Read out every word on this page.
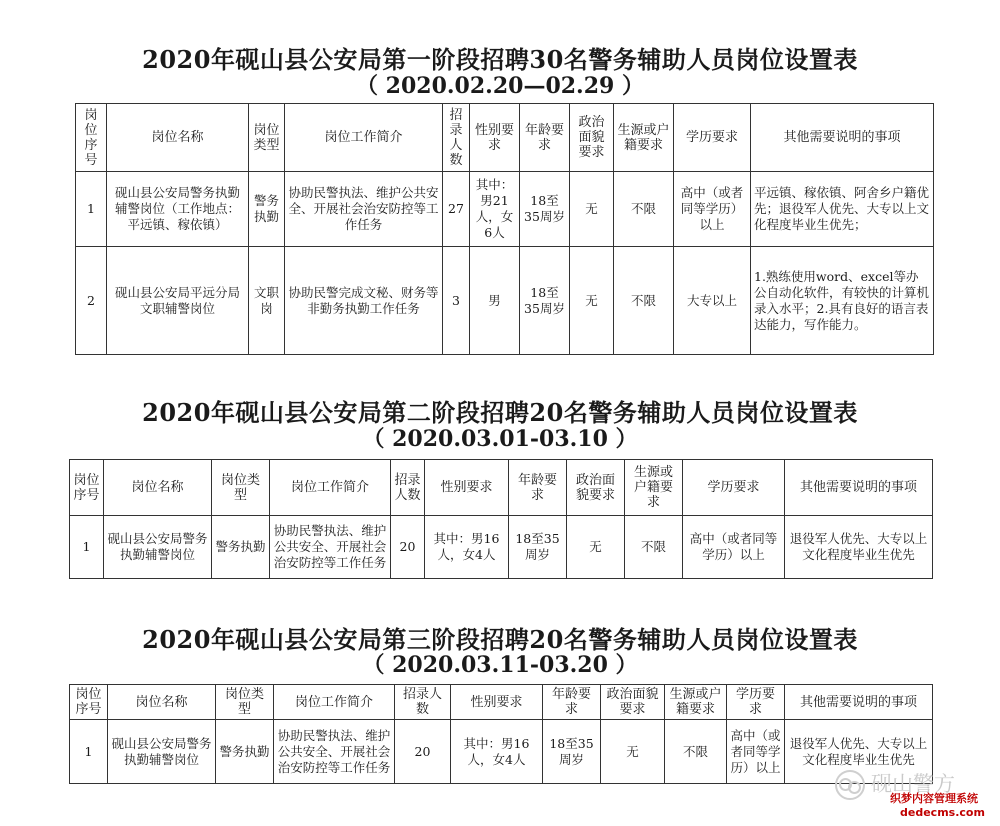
2020年砚山县公安局第一阶段招聘30名警务辅助人员岗位设置表
（ 2020.02.20—02.29 ）
岗位序号	岗位名称	岗位类型	岗位工作简介	招录人数	性别要求	年龄要求	政治面貌要求	生源或户籍要求	学历要求	其他需要说明的事项
1	砚山县公安局警务执勤辅警岗位（工作地点：平远镇、稼依镇）	警务执勤	协助民警执法、维护公共安全、开展社会治安防控等工作任务	27	其中：男21人，女6人	18至35周岁	无	不限	高中（或者同等学历）以上	平远镇、稼依镇、阿舍乡户籍优先；退役军人优先、大专以上文化程度毕业生优先；
2	砚山县公安局平远分局文职辅警岗位	文职岗	协助民警完成文秘、财务等非勤务执勤工作任务	3	男	18至35周岁	无	不限	大专以上	1.熟练使用word、excel等办公自动化软件，有较快的计算机录入水平；2.具有良好的语言表达能力，写作能力。
2020年砚山县公安局第二阶段招聘20名警务辅助人员岗位设置表
（ 2020.03.01-03.10 ）
岗位序号	岗位名称	岗位类型	岗位工作简介	招录人数	性别要求	年龄要求	政治面貌要求	生源或户籍要求	学历要求	其他需要说明的事项
1	砚山县公安局警务执勤辅警岗位	警务执勤	协助民警执法、维护公共安全、开展社会治安防控等工作任务	20	其中：男16人，女4人	18至35周岁	无	不限	高中（或者同等学历）以上	退役军人优先、大专以上文化程度毕业生优先
2020年砚山县公安局第三阶段招聘20名警务辅助人员岗位设置表
（ 2020.03.11-03.20 ）
岗位序号	岗位名称	岗位类型	岗位工作简介	招录人数	性别要求	年龄要求	政治面貌要求	生源或户籍要求	学历要求	其他需要说明的事项
1	砚山县公安局警务执勤辅警岗位	警务执勤	协助民警执法、维护公共安全、开展社会治安防控等工作任务	20	其中：男16人，女4人	18至35周岁	无	不限	高中（或者同等学历）以上	退役军人优先、大专以上文化程度毕业生优先
砚山警方
织梦内容管理系统
dedecms.com
